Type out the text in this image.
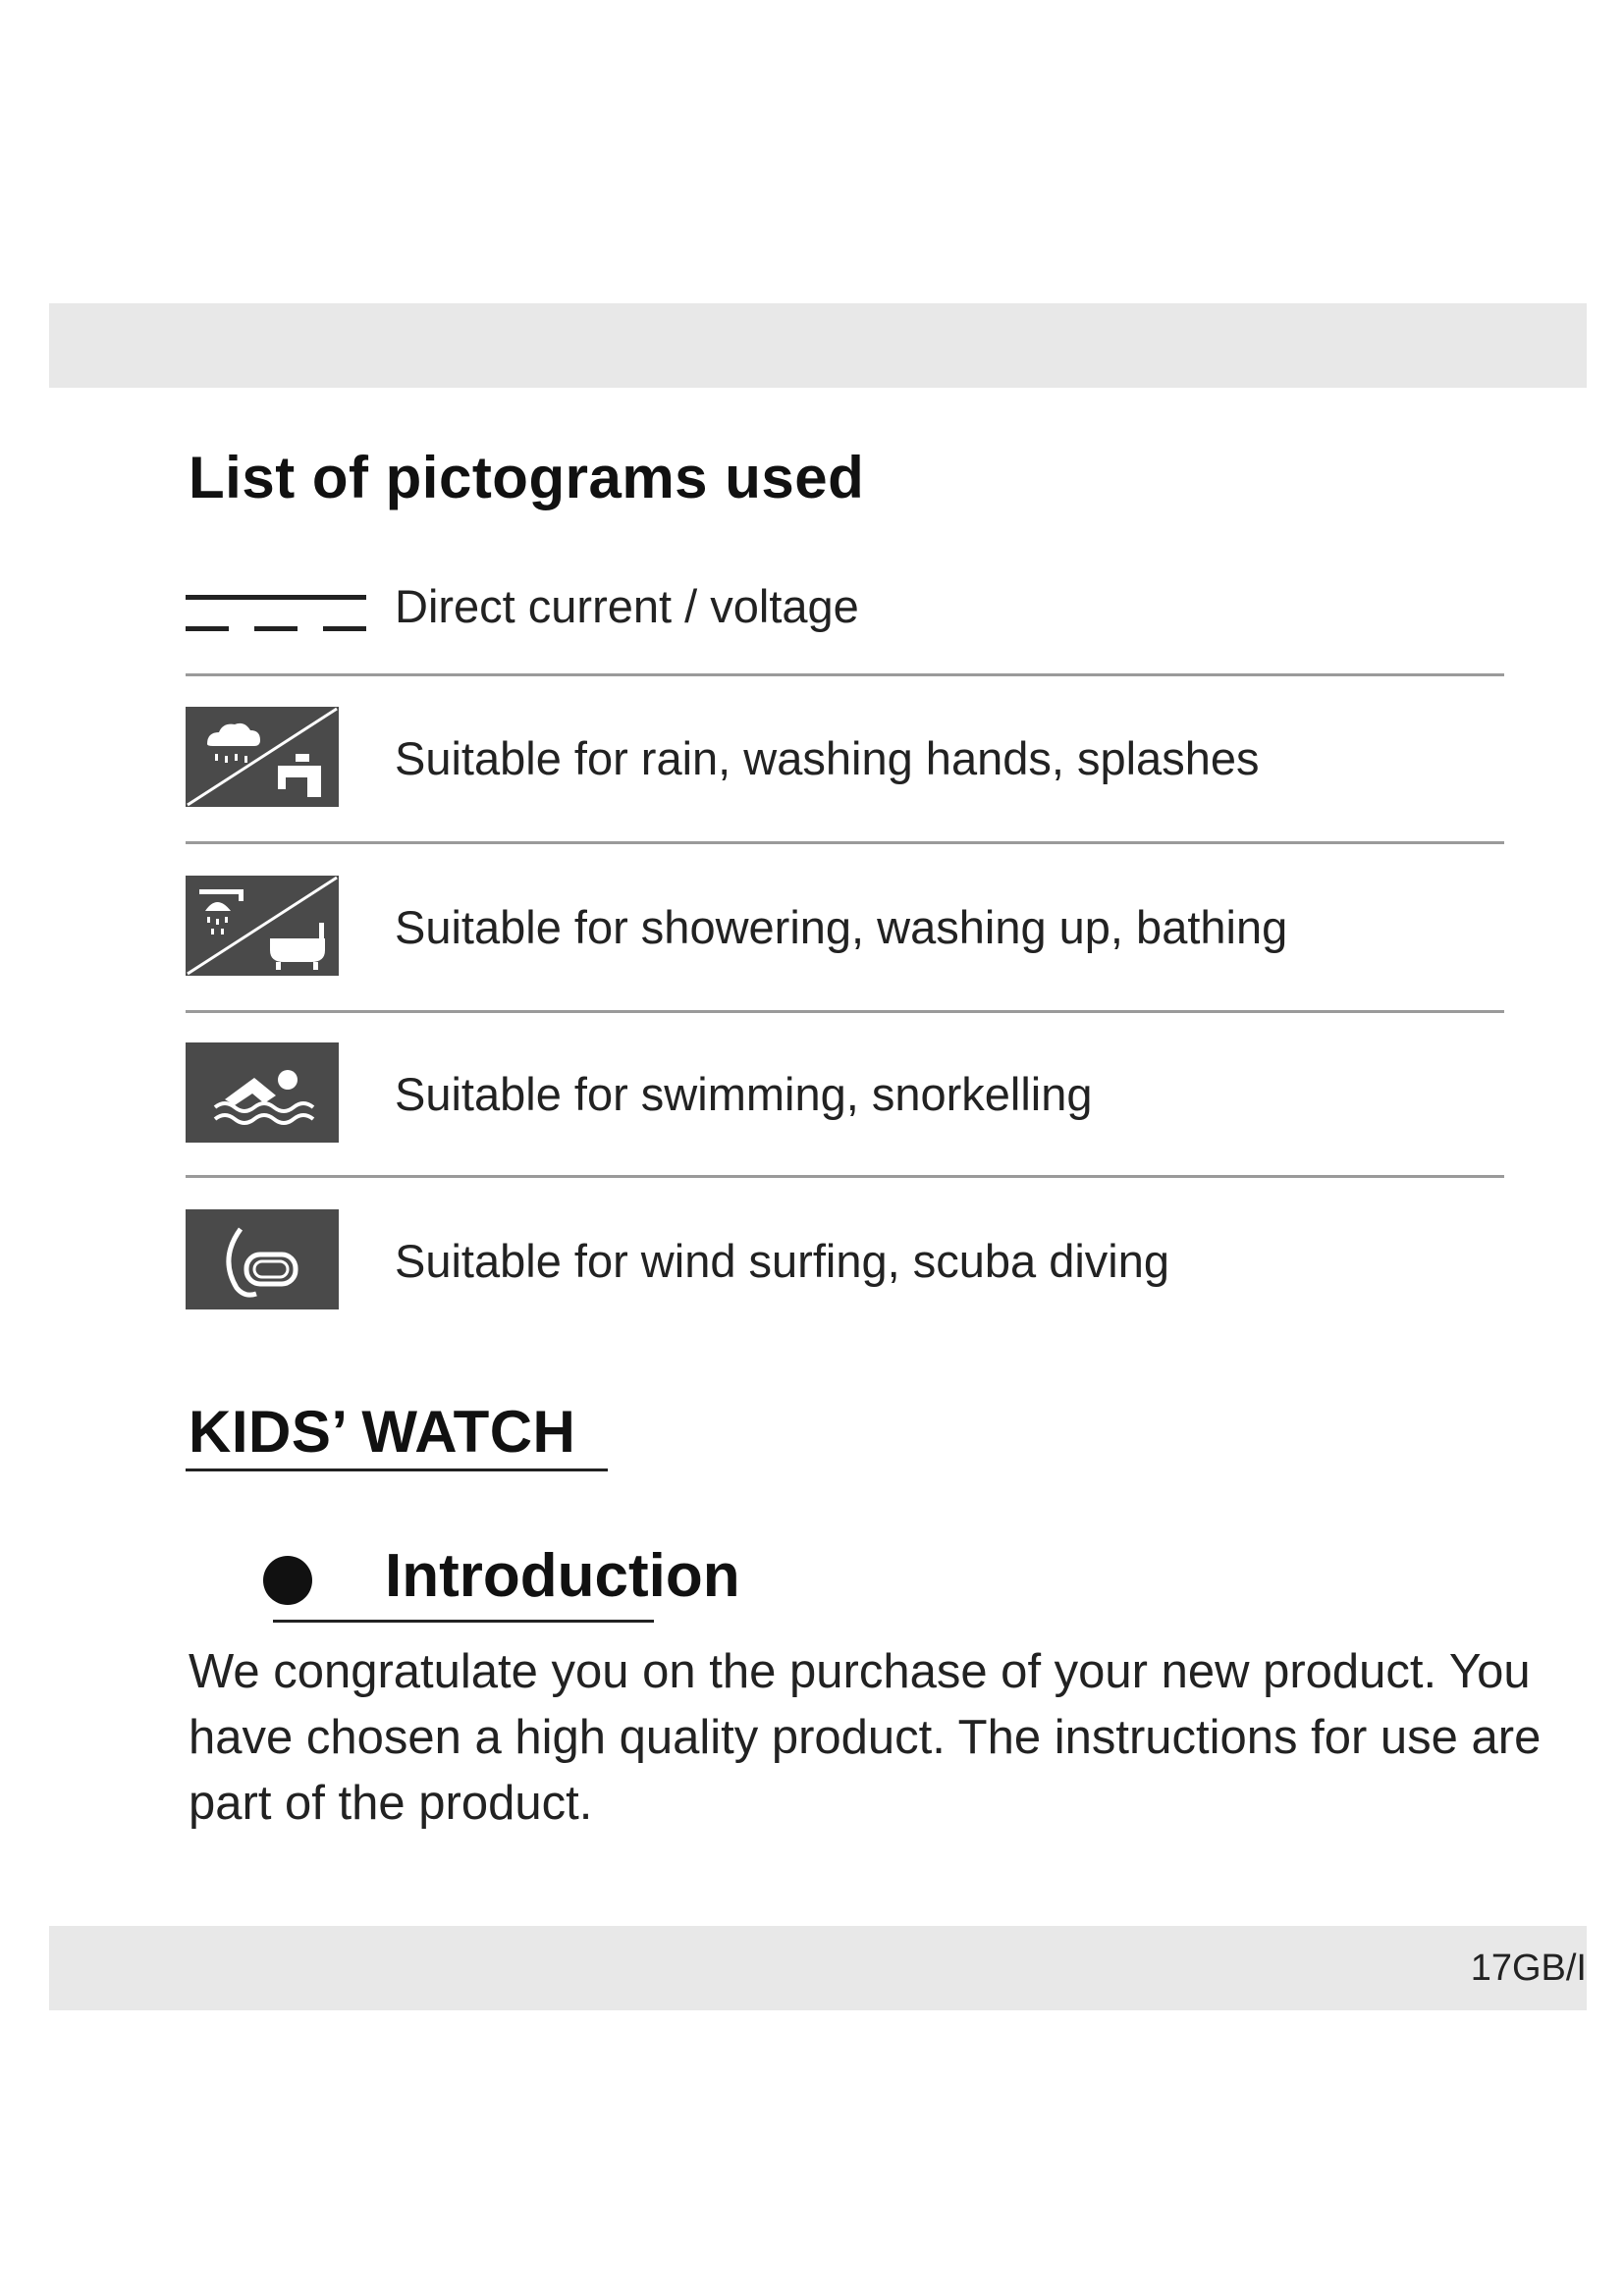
List of pictograms used
Direct current / voltage
Suitable for rain, washing hands, splashes
Suitable for showering, washing up, bathing
Suitable for swimming, snorkelling
Suitable for wind surfing, scuba diving
KIDS’ WATCH
Introduction

We congratulate you on the purchase of your new product. You have chosen a high quality product. The instructions for use are part of the product.

17GB/I
